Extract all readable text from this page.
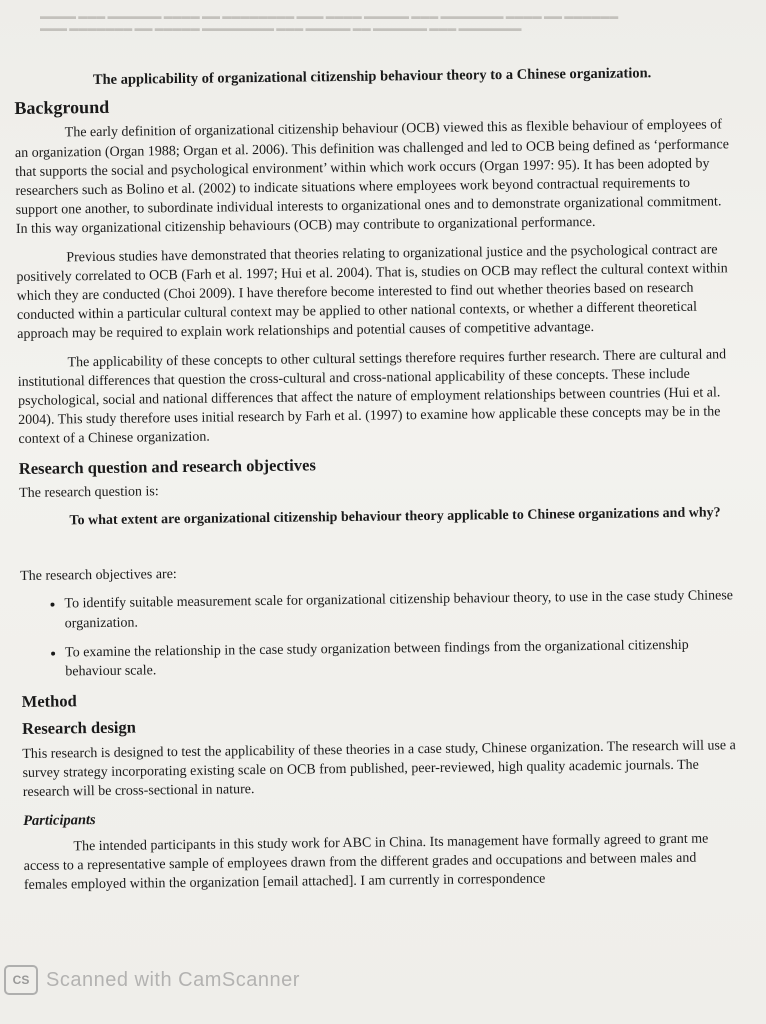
▬▬▬▬ ▬▬▬ ▬▬▬▬▬▬ ▬▬▬▬ ▬▬ ▬▬▬▬▬▬▬▬ ▬▬▬ ▬▬▬▬ ▬▬▬▬▬ ▬▬▬ ▬▬▬▬▬▬▬ ▬▬▬▬ ▬▬ ▬▬▬▬▬▬
▬▬▬ ▬▬▬▬▬▬▬ ▬▬ ▬▬▬▬▬ ▬▬▬▬▬▬▬▬ ▬▬▬ ▬▬▬▬▬ ▬▬ ▬▬▬▬▬▬ ▬▬▬ ▬▬▬▬▬▬▬
The applicability of organizational citizenship behaviour theory to a Chinese organization.
Background

The early definition of organizational citizenship behaviour (OCB) viewed this as flexible behaviour of employees of an organization (Organ 1988; Organ et al. 2006). This definition was challenged and led to OCB being defined as ‘performance that supports the social and psychological environment’ within which work occurs (Organ 1997: 95). It has been adopted by researchers such as Bolino et al. (2002) to indicate situations where employees work beyond contractual requirements to support one another, to subordinate individual interests to organizational ones and to demonstrate organizational commitment. In this way organizational citizenship behaviours (OCB) may contribute to organizational performance.

Previous studies have demonstrated that theories relating to organizational justice and the psychological contract are positively correlated to OCB (Farh et al. 1997; Hui et al. 2004). That is, studies on OCB may reflect the cultural context within which they are conducted (Choi 2009). I have therefore become interested to find out whether theories based on research conducted within a particular cultural context may be applied to other national contexts, or whether a different theoretical approach may be required to explain work relationships and potential causes of competitive advantage.

The applicability of these concepts to other cultural settings therefore requires further research. There are cultural and institutional differences that question the cross-cultural and cross-national applicability of these concepts. These include psychological, social and national differences that affect the nature of employment relationships between countries (Hui et al. 2004). This study therefore uses initial research by Farh et al. (1997) to examine how applicable these concepts may be in the context of a Chinese organization.

Research question and research objectives

The research question is:

To what extent are organizational citizenship behaviour theory applicable to Chinese organizations and why?

The research objectives are:

• To identify suitable measurement scale for organizational citizenship behaviour theory, to use in the case study Chinese organization.
• To examine the relationship in the case study organization between findings from the organizational citizenship behaviour scale.
Method
Research design

This research is designed to test the applicability of these theories in a case study, Chinese organization. The research will use a survey strategy incorporating existing scale on OCB from published, peer-reviewed, high quality academic journals. The research will be cross-sectional in nature.

Participants

The intended participants in this study work for ABC in China. Its management have formally agreed to grant me access to a representative sample of employees drawn from the different grades and occupations and between males and females employed within the organization [email attached]. I am currently in correspondence

CS Scanned with CamScanner
